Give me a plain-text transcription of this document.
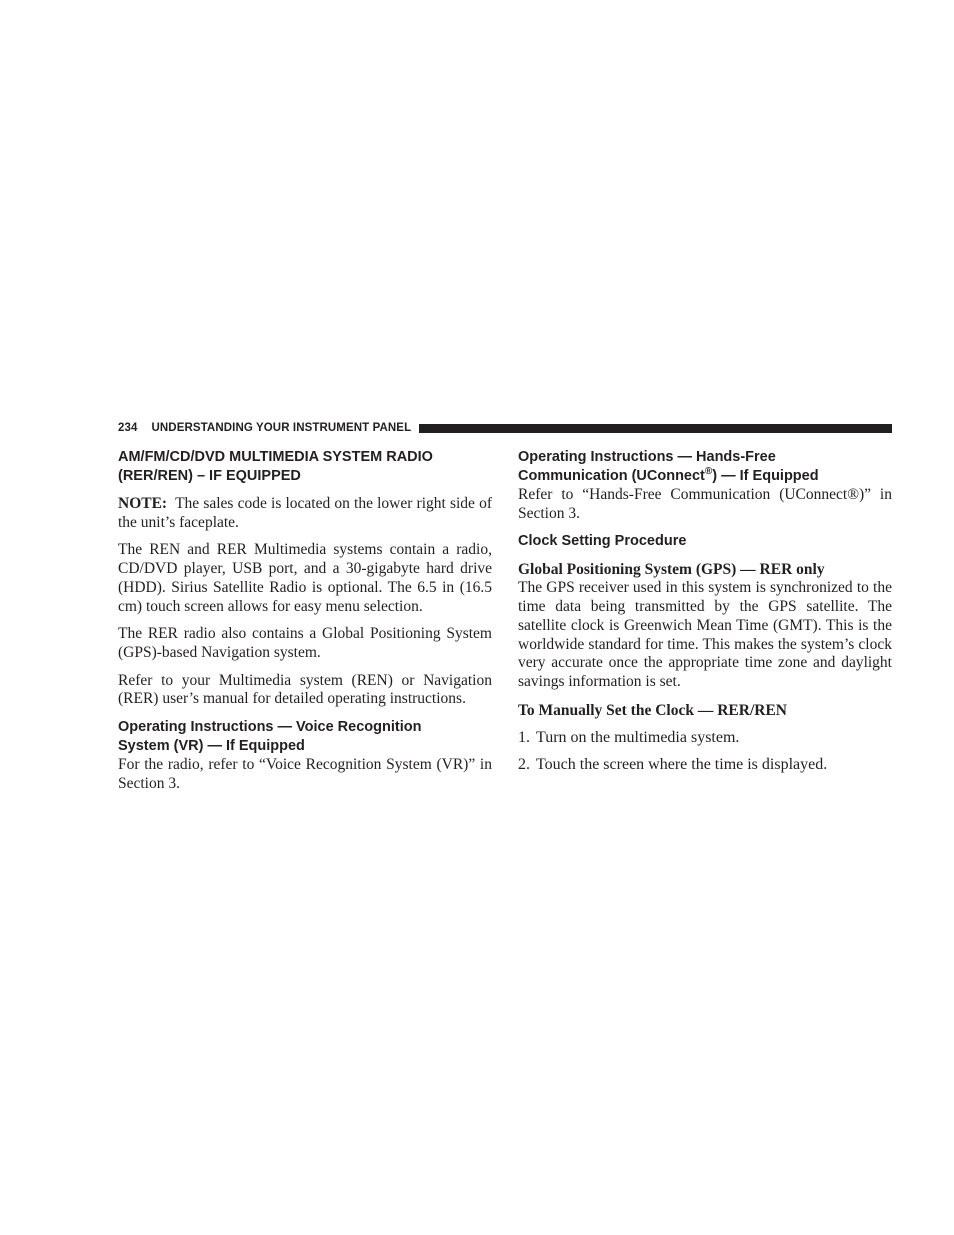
234 UNDERSTANDING YOUR INSTRUMENT PANEL
AM/FM/CD/DVD MULTIMEDIA SYSTEM RADIO
(RER/REN) – IF EQUIPPED

NOTE: The sales code is located on the lower right side of the unit’s faceplate.

The REN and RER Multimedia systems contain a radio, CD/DVD player, USB port, and a 30-gigabyte hard drive (HDD). Sirius Satellite Radio is optional. The 6.5 in (16.5 cm) touch screen allows for easy menu selection.

The RER radio also contains a Global Positioning System (GPS)-based Navigation system.

Refer to your Multimedia system (REN) or Navigation (RER) user’s manual for detailed operating instructions.

Operating Instructions — Voice Recognition
System (VR) — If Equipped

For the radio, refer to “Voice Recognition System (VR)” in Section 3.

Operating Instructions — Hands-Free
Communication (UConnect®) — If Equipped

Refer to “Hands-Free Communication (UConnect®)” in Section 3.

Clock Setting Procedure
Global Positioning System (GPS) — RER only

The GPS receiver used in this system is synchronized to the time data being transmitted by the GPS satellite. The satellite clock is Greenwich Mean Time (GMT). This is the worldwide standard for time. This makes the system’s clock very accurate once the appropriate time zone and daylight savings information is set.

To Manually Set the Clock — RER/REN
1. Turn on the multimedia system.
2. Touch the screen where the time is displayed.
